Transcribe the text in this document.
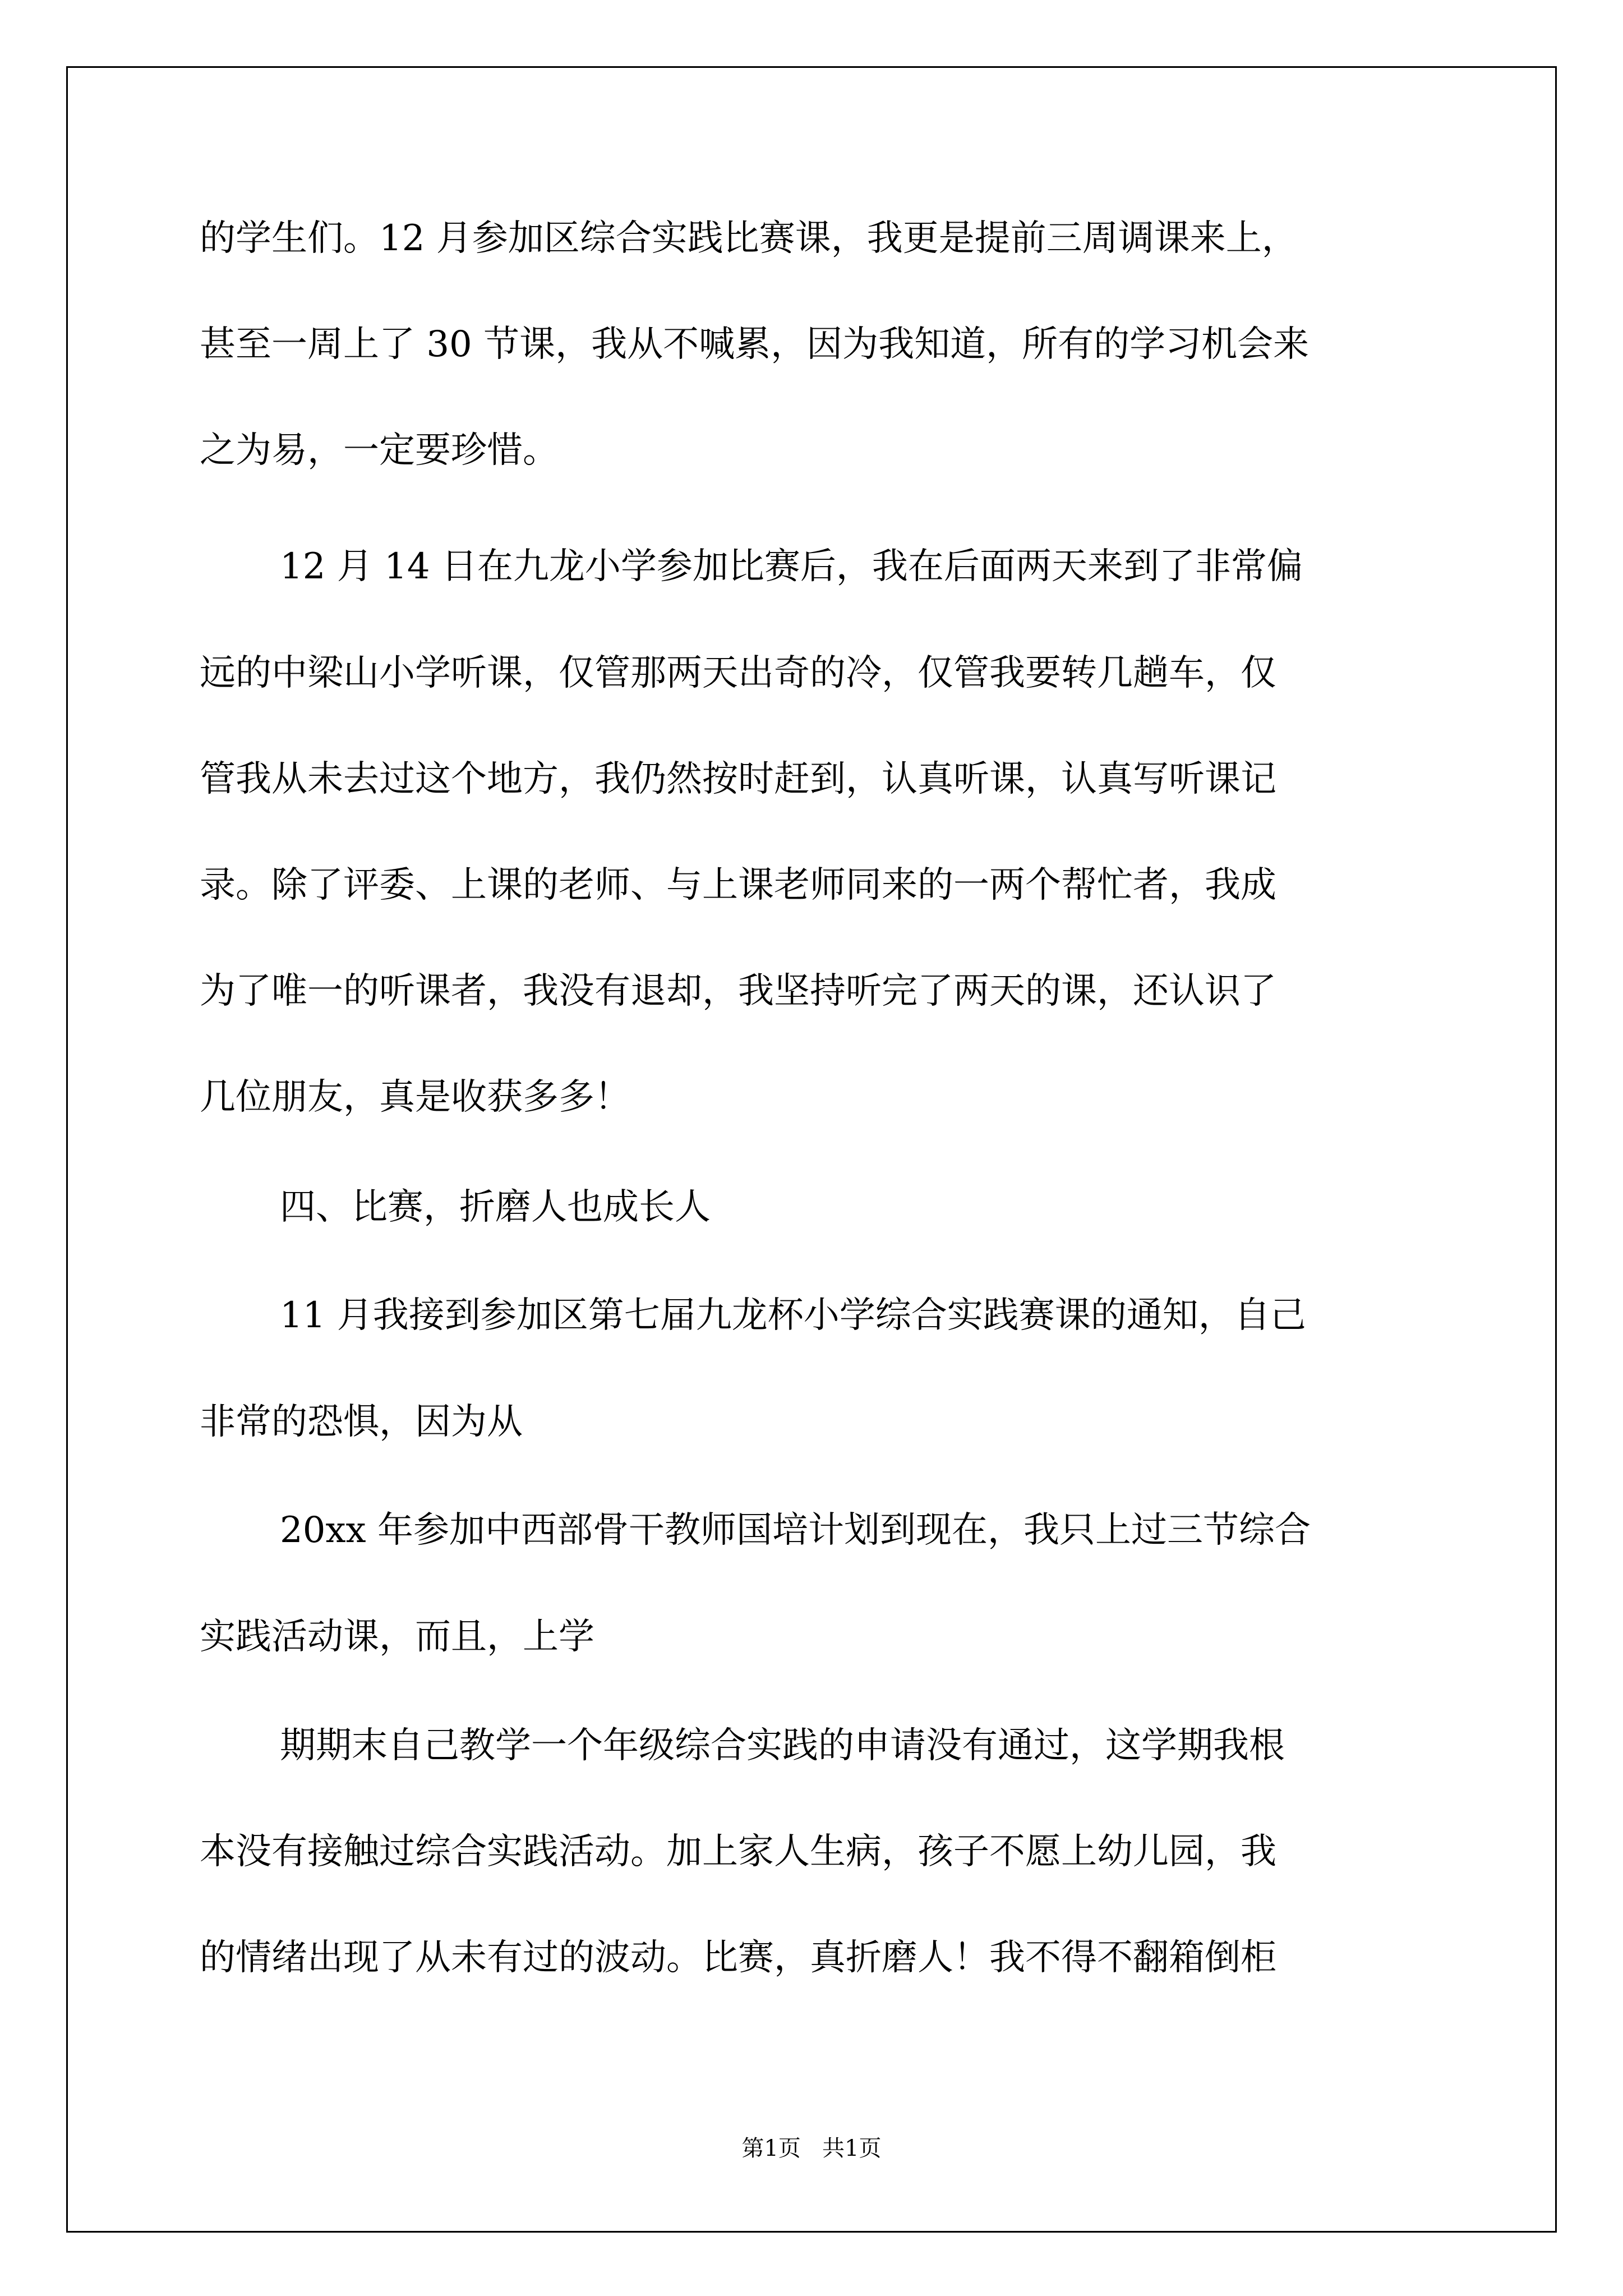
的学生们。12 月参加区综合实践比赛课，我更是提前三周调课来上，
甚至一周上了 30 节课，我从不喊累，因为我知道，所有的学习机会来
之为易，一定要珍惜。
12 月 14 日在九龙小学参加比赛后，我在后面两天来到了非常偏
远的中梁山小学听课，仅管那两天出奇的冷，仅管我要转几趟车，仅
管我从未去过这个地方，我仍然按时赶到，认真听课，认真写听课记
录。除了评委、上课的老师、与上课老师同来的一两个帮忙者，我成
为了唯一的听课者，我没有退却，我坚持听完了两天的课，还认识了
几位朋友，真是收获多多！
四、比赛，折磨人也成长人
11 月我接到参加区第七届九龙杯小学综合实践赛课的通知，自己
非常的恐惧，因为从
20xx 年参加中西部骨干教师国培计划到现在，我只上过三节综合
实践活动课，而且，上学
期期末自己教学一个年级综合实践的申请没有通过，这学期我根
本没有接触过综合实践活动。加上家人生病，孩子不愿上幼儿园，我
的情绪出现了从未有过的波动。比赛，真折磨人！我不得不翻箱倒柜
第1页   共1页
